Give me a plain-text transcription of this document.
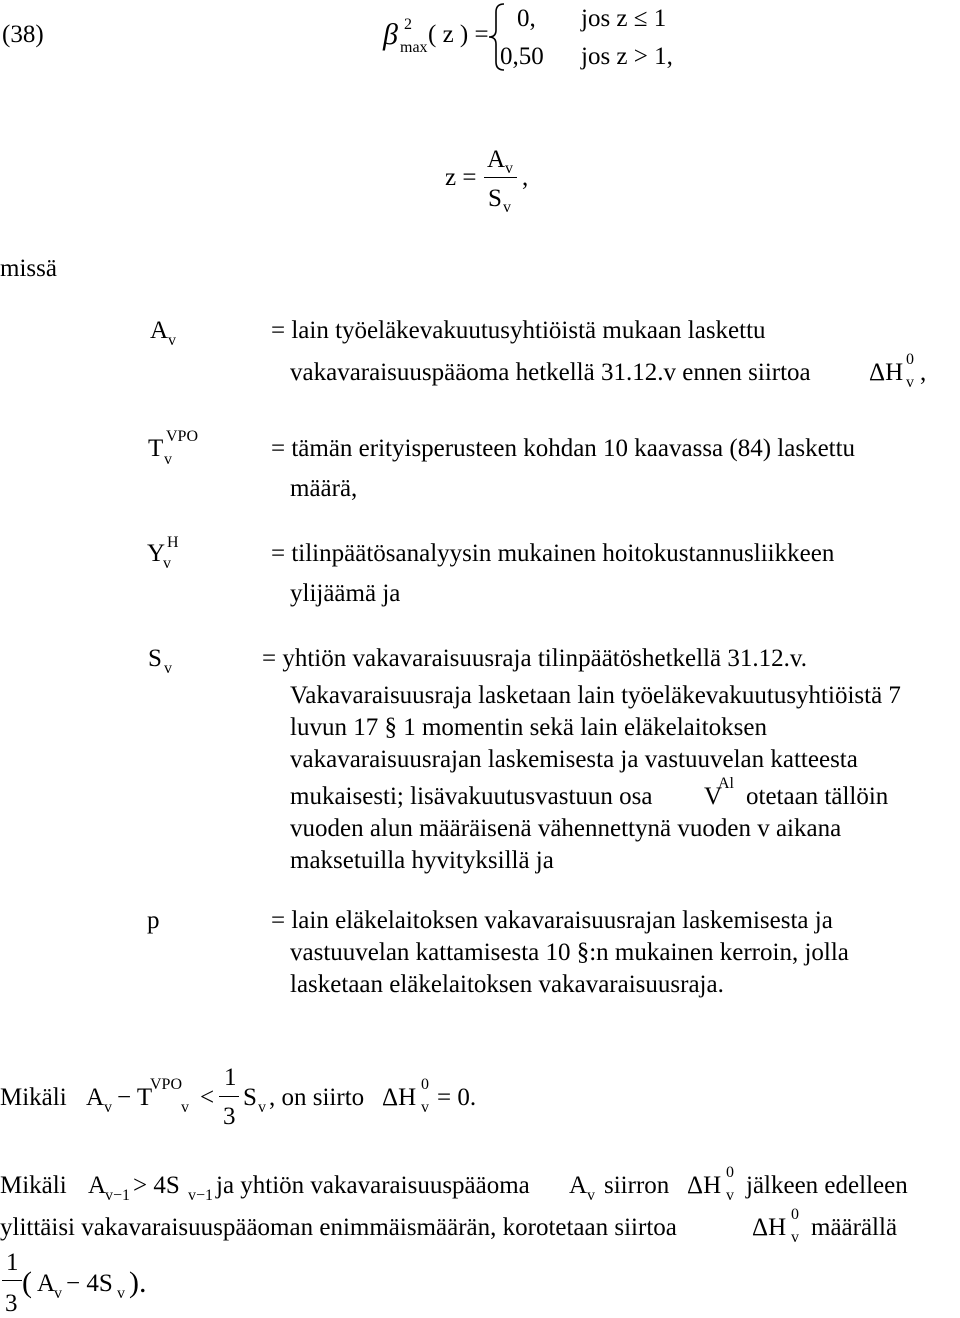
(38)	β 2
max ( z ) =
0, jos z ≤ 1
0,50 jos z > 1,
z =
A v
S v
,
missä
A v	= lain työeläkevakuutusyhtiöistä mukaan laskettu
vakavaraisuuspääoma hetkellä 31.12.v ennen siirtoa ΔH 0
v ,
T VPO
v	= tämän erityisperusteen kohdan 10 kaavassa (84) laskettu
määrä,
Y H
v	= tilinpäätösanalyysin mukainen hoitokustannusliikkeen
ylijäämä ja
S v	= yhtiön vakavaraisuusraja tilinpäätöshetkellä 31.12.v.
Vakavaraisuusraja lasketaan lain työeläkevakuutusyhtiöistä 7
luvun 17 § 1 momentin sekä lain eläkelaitoksen
vakavaraisuusrajan laskemisesta ja vastuuvelan katteesta
mukaisesti; lisävakuutusvastuun osa V
Al otetaan tällöin
vuoden alun määräisenä vähennettynä vuoden v aikana
maksetuilla hyvityksillä ja
p	= lain eläkelaitoksen vakavaraisuusrajan laskemisesta ja
vastuuvelan kattamisesta 10 §:n mukainen kerroin, jolla
lasketaan eläkelaitoksen vakavaraisuusraja.
Mikäli A v − T
VPO
v <
1
3
S v , on siirto ΔH 0
v = 0.
Mikäli A
v−1 > 4S v−1 ja yhtiön vakavaraisuuspääoma A v siirron ΔH 0
v jälkeen edelleen
ylittäisi vakavaraisuuspääoman enimmäismäärän, korotetaan siirtoa	ΔH 0
v määrällä
1
3
( A
v − 4S v ).
